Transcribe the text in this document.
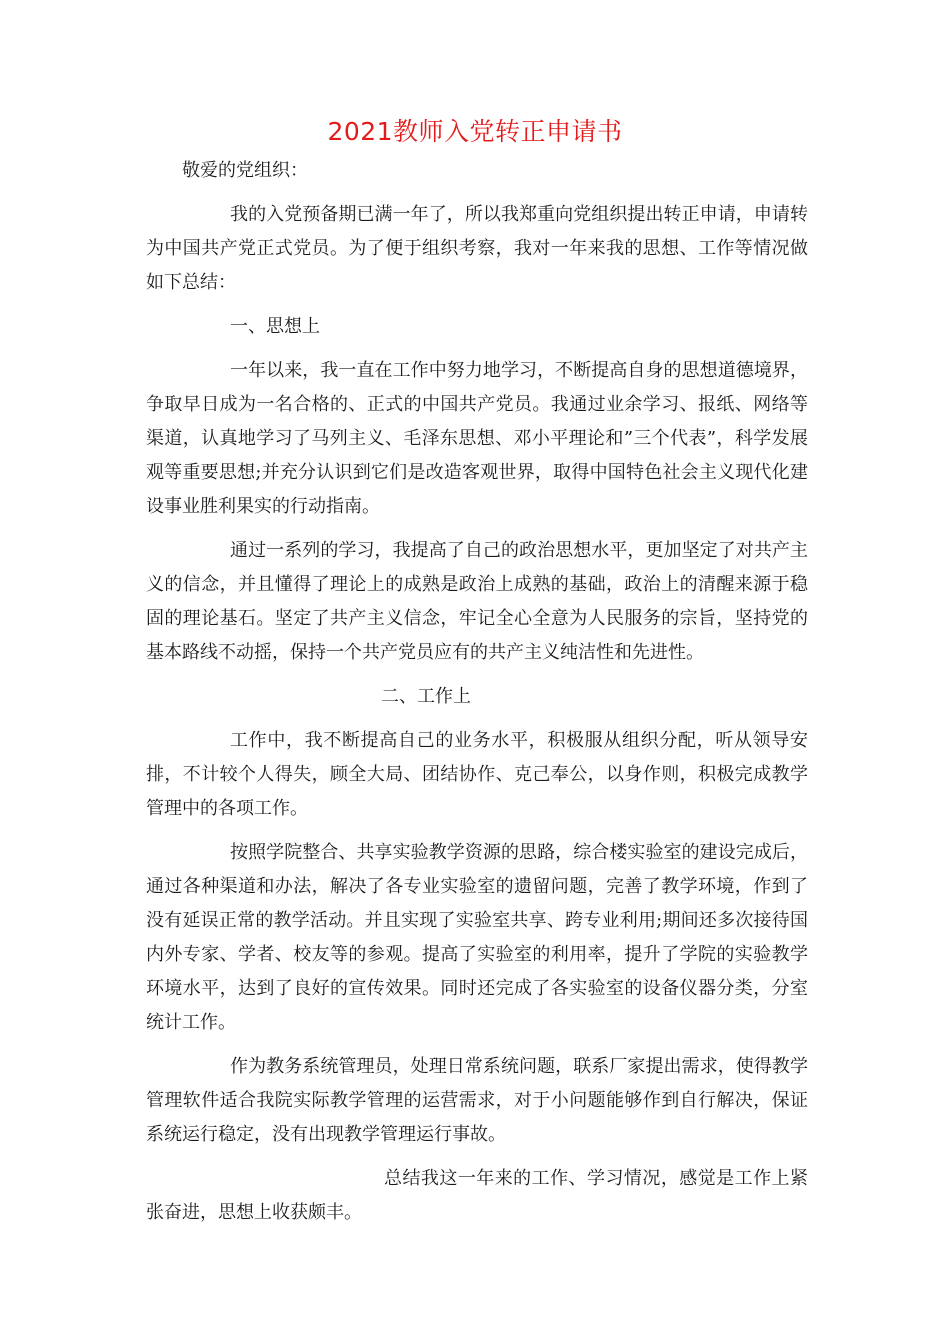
2021教师入党转正申请书

敬爱的党组织：

我的入党预备期已满一年了，所以我郑重向党组织提出转正申请，申请转为中国共产党正式党员。为了便于组织考察，我对一年来我的思想、工作等情况做如下总结：

一、思想上

一年以来，我一直在工作中努力地学习，不断提高自身的思想道德境界，争取早日成为一名合格的、正式的中国共产党员。我通过业余学习、报纸、网络等渠道，认真地学习了马列主义、毛泽东思想、邓小平理论和”三个代表”，科学发展观等重要思想;并充分认识到它们是改造客观世界，取得中国特色社会主义现代化建设事业胜利果实的行动指南。

通过一系列的学习，我提高了自己的政治思想水平，更加坚定了对共产主义的信念，并且懂得了理论上的成熟是政治上成熟的基础，政治上的清醒来源于稳固的理论基石。坚定了共产主义信念，牢记全心全意为人民服务的宗旨，坚持党的基本路线不动摇，保持一个共产党员应有的共产主义纯洁性和先进性。

二、工作上

工作中，我不断提高自己的业务水平，积极服从组织分配，听从领导安排，不计较个人得失，顾全大局、团结协作、克己奉公，以身作则，积极完成教学管理中的各项工作。

按照学院整合、共享实验教学资源的思路，综合楼实验室的建设完成后，通过各种渠道和办法，解决了各专业实验室的遗留问题，完善了教学环境，作到了没有延误正常的教学活动。并且实现了实验室共享、跨专业利用;期间还多次接待国内外专家、学者、校友等的参观。提高了实验室的利用率，提升了学院的实验教学环境水平，达到了良好的宣传效果。同时还完成了各实验室的设备仪器分类，分室统计工作。

作为教务系统管理员，处理日常系统问题，联系厂家提出需求，使得教学管理软件适合我院实际教学管理的运营需求，对于小问题能够作到自行解决，保证系统运行稳定，没有出现教学管理运行事故。

总结我这一年来的工作、学习情况，感觉是工作上紧张奋进，思想上收获颇丰。
